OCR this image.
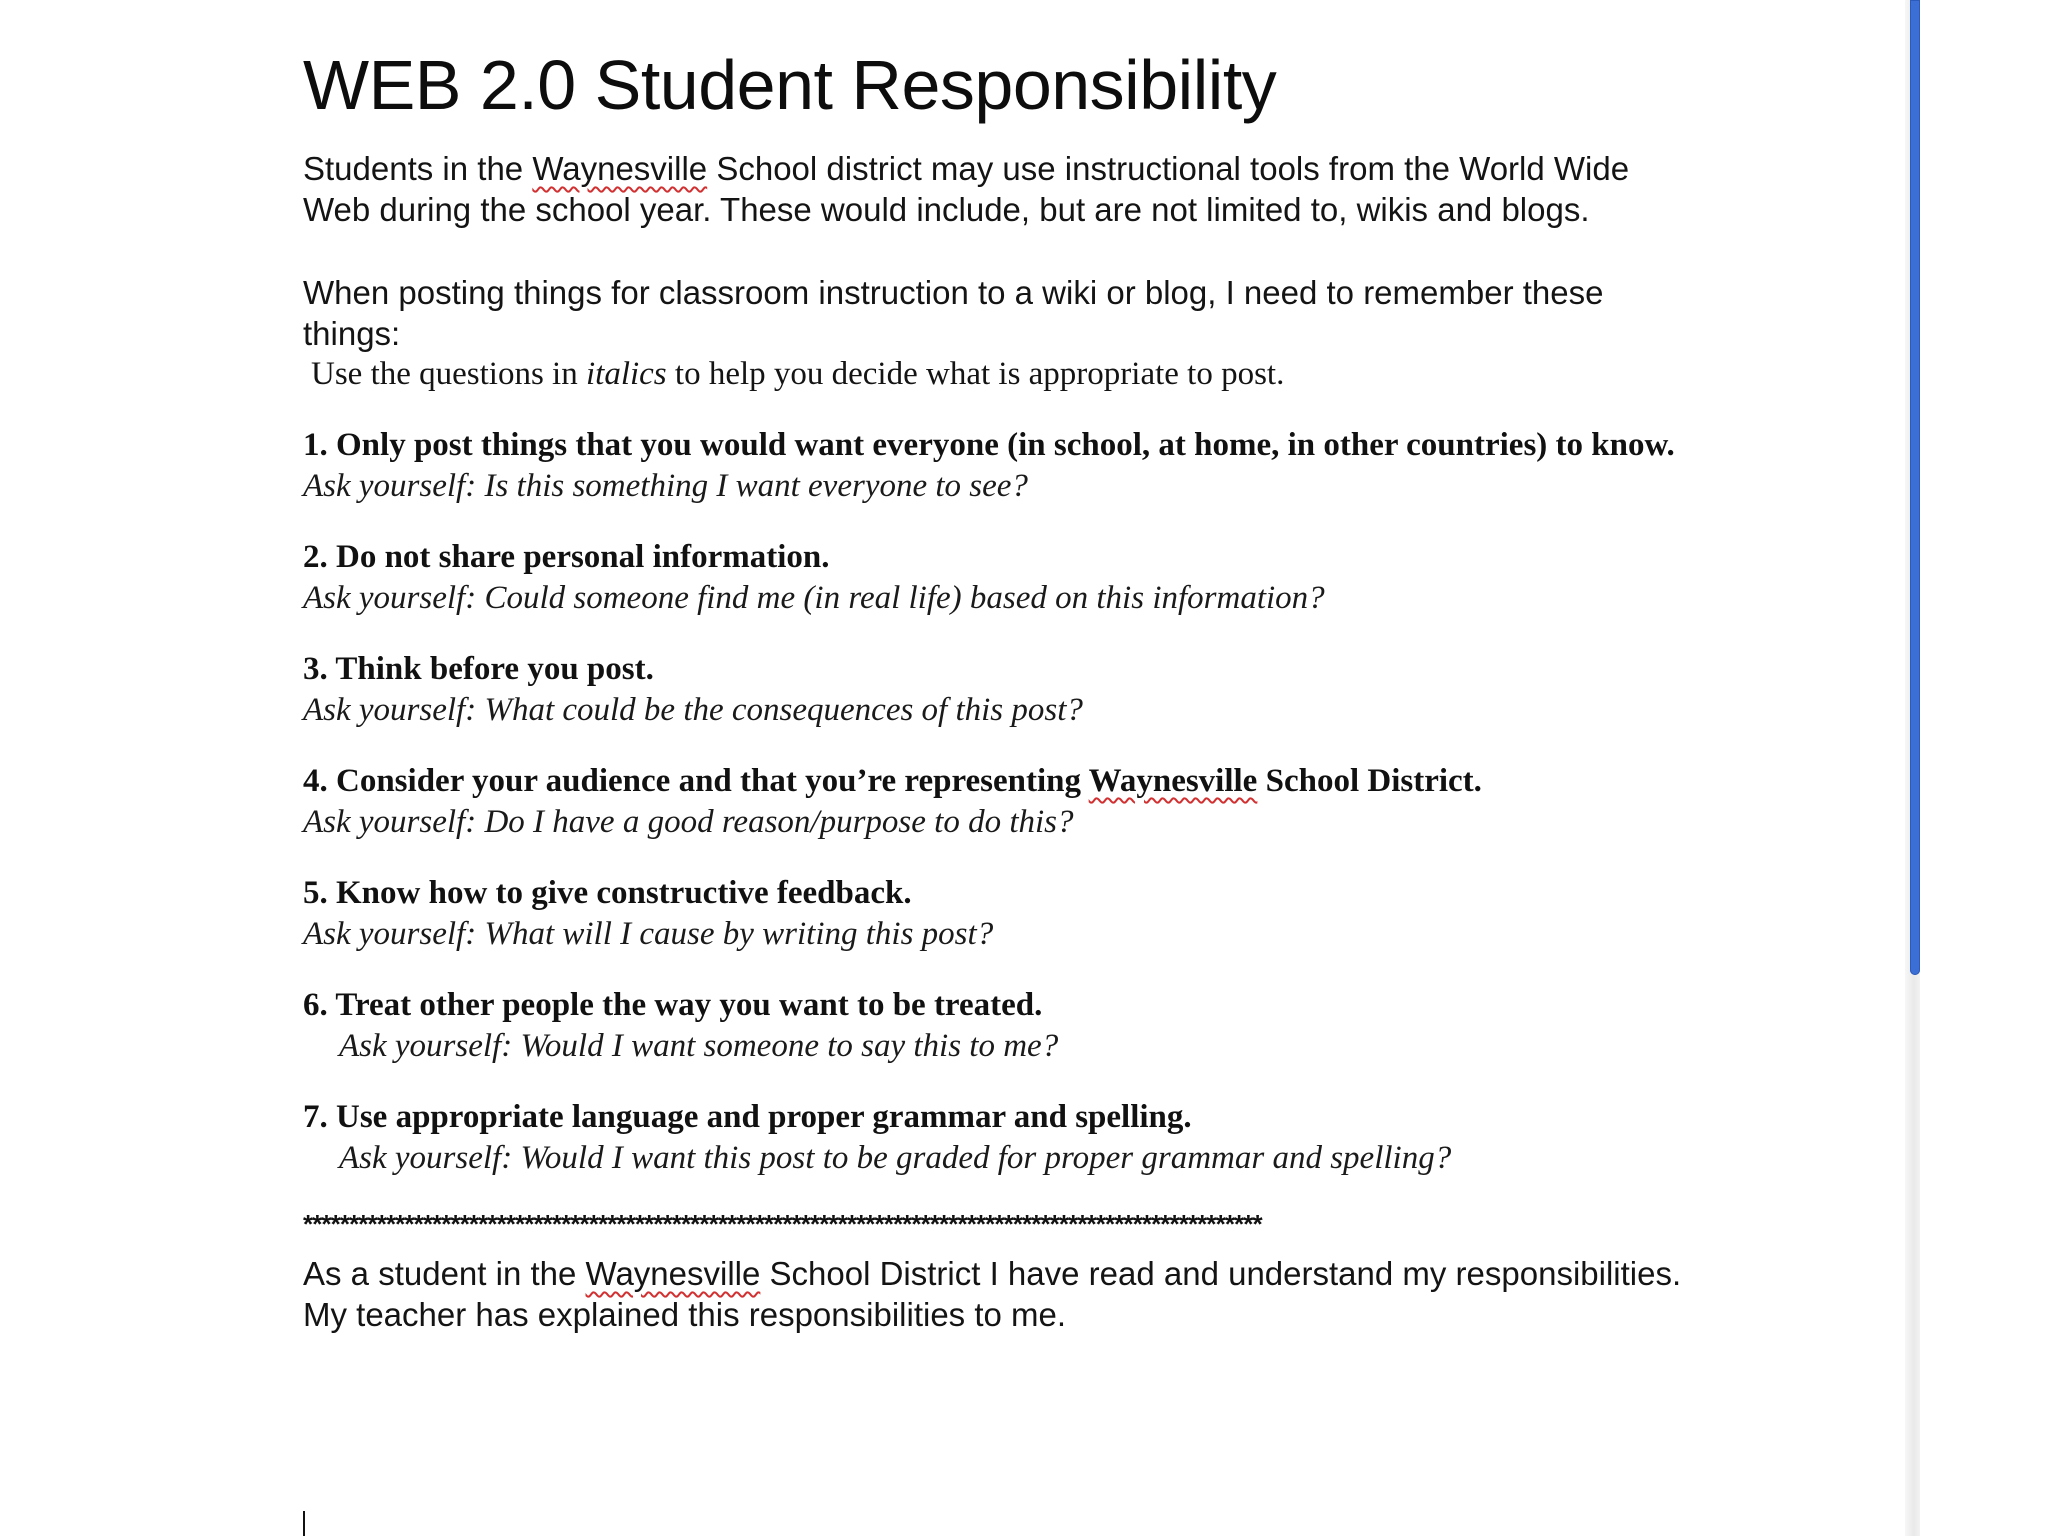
WEB 2.0 Student Responsibility

Students in the Waynesville School district may use instructional tools from the World Wide Web during the school year. These would include, but are not limited to, wikis and blogs.

When posting things for classroom instruction to a wiki or blog, I need to remember these things:

Use the questions in italics to help you decide what is appropriate to post.

1. Only post things that you would want everyone (in school, at home, in other countries) to know.

Ask yourself: Is this something I want everyone to see?

2. Do not share personal information.

Ask yourself: Could someone find me (in real life) based on this information?

3. Think before you post.

Ask yourself: What could be the consequences of this post?

4. Consider your audience and that you’re representing Waynesville School District.

Ask yourself: Do I have a good reason/purpose to do this?

5. Know how to give constructive feedback.

Ask yourself: What will I cause by writing this post?

6. Treat other people the way you want to be treated.

Ask yourself: Would I want someone to say this to me?

7. Use appropriate language and proper grammar and spelling.

Ask yourself: Would I want this post to be graded for proper grammar and spelling?

********************************************************************************************************

As a student in the Waynesville School District I have read and understand my responsibilities. My teacher has explained this responsibilities to me.
